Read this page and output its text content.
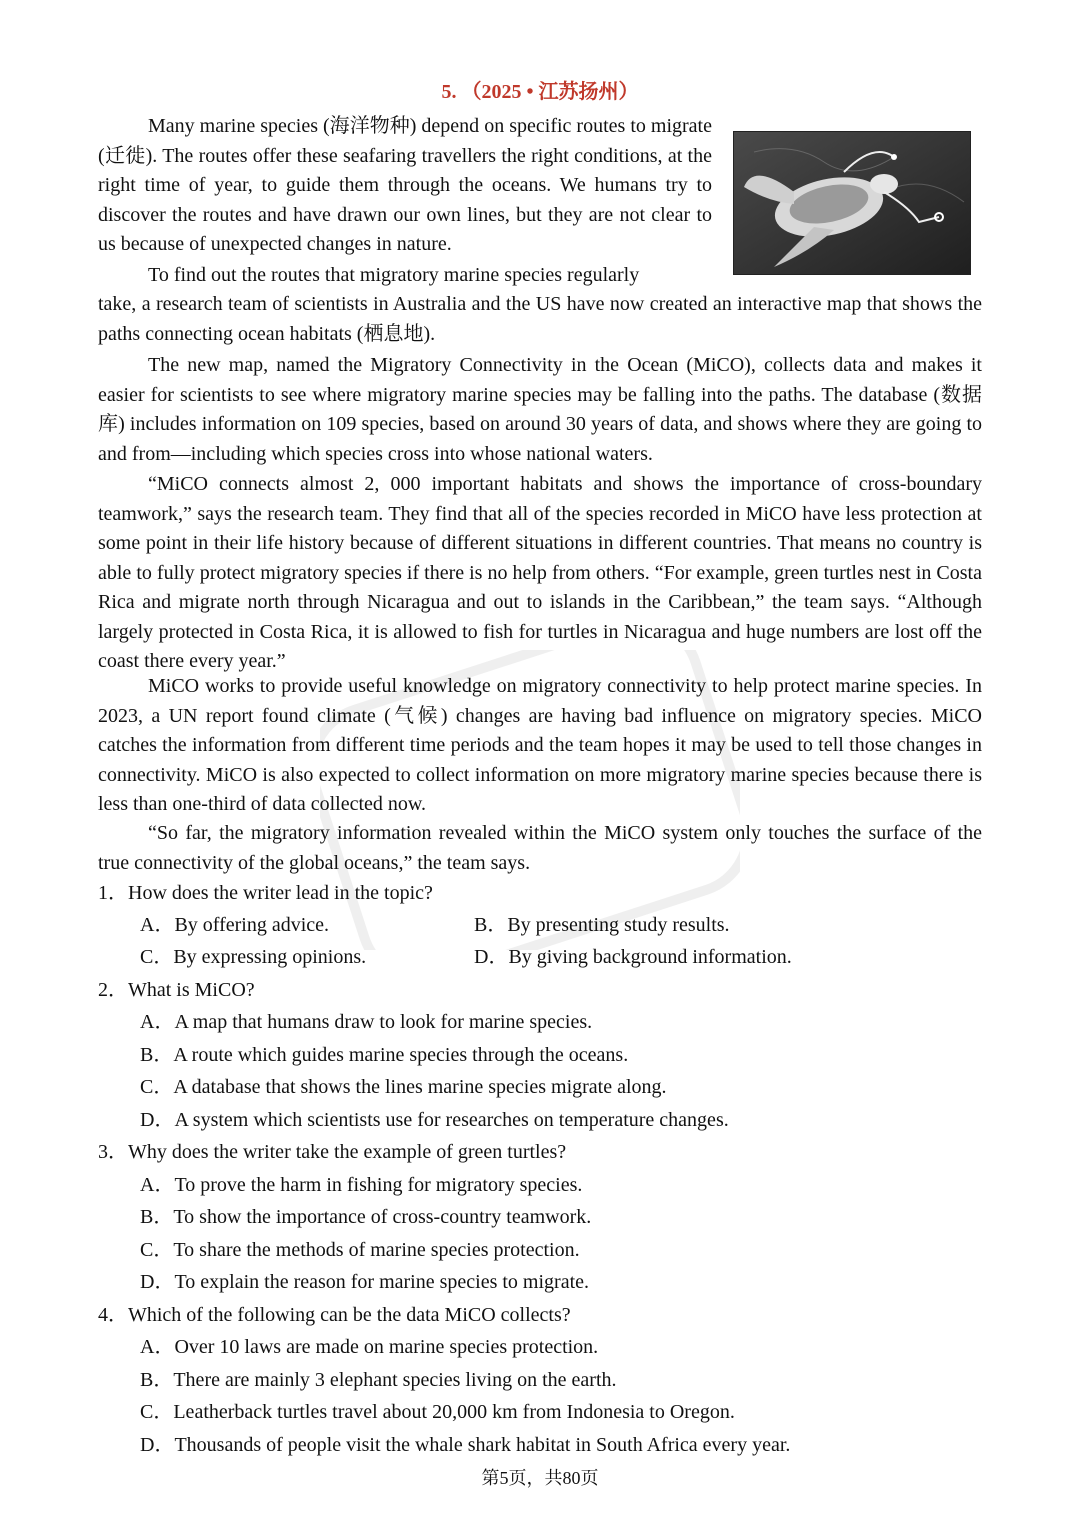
5. （2025 • 江苏扬州）

Many marine species (海洋物种) depend on specific routes to migrate (迁徙). The routes offer these seafaring travellers the right conditions, at the right time of year, to guide them through the oceans. We humans try to discover the routes and have drawn our own lines, but they are not clear to us because of unexpected changes in nature.

To find out the routes that migratory marine species regularly

take, a research team of scientists in Australia and the US have now created an interactive map that shows the paths connecting ocean habitats (栖息地).

The new map, named the Migratory Connectivity in the Ocean (MiCO), collects data and makes it easier for scientists to see where migratory marine species may be falling into the paths. The database (数据库) includes information on 109 species, based on around 30 years of data, and shows where they are going to and from—including which species cross into whose national waters.

“MiCO connects almost 2, 000 important habitats and shows the importance of cross-boundary teamwork,” says the research team. They find that all of the species recorded in MiCO have less protection at some point in their life history because of different situations in different countries. That means no country is able to fully protect migratory species if there is no help from others. “For example, green turtles nest in Costa Rica and migrate north through Nicaragua and out to islands in the Caribbean,” the team says. “Although largely protected in Costa Rica, it is allowed to fish for turtles in Nicaragua and huge numbers are lost off the coast there every year.”

MiCO works to provide useful knowledge on migratory connectivity to help protect marine species. In 2023, a UN report found climate (气候) changes are having bad influence on migratory species. MiCO catches the information from different time periods and the team hopes it may be used to tell those changes in connectivity. MiCO is also expected to collect information on more migratory marine species because there is less than one-third of data collected now.

“So far, the migratory information revealed within the MiCO system only touches the surface of the true connectivity of the global oceans,” the team says.

1．How does the writer lead in the topic?

A．By offering advice.	B．By presenting study results.

C．By expressing opinions.	D．By giving background information.

2．What is MiCO?

A．A map that humans draw to look for marine species.

B．A route which guides marine species through the oceans.

C．A database that shows the lines marine species migrate along.

D．A system which scientists use for researches on temperature changes.

3．Why does the writer take the example of green turtles?

A．To prove the harm in fishing for migratory species.

B．To show the importance of cross-country teamwork.

C．To share the methods of marine species protection.

D．To explain the reason for marine species to migrate.

4．Which of the following can be the data MiCO collects?

A．Over 10 laws are made on marine species protection.

B．There are mainly 3 elephant species living on the earth.

C．Leatherback turtles travel about 20,000 km from Indonesia to Oregon.

D．Thousands of people visit the whale shark habitat in South Africa every year.

第5页，共80页
